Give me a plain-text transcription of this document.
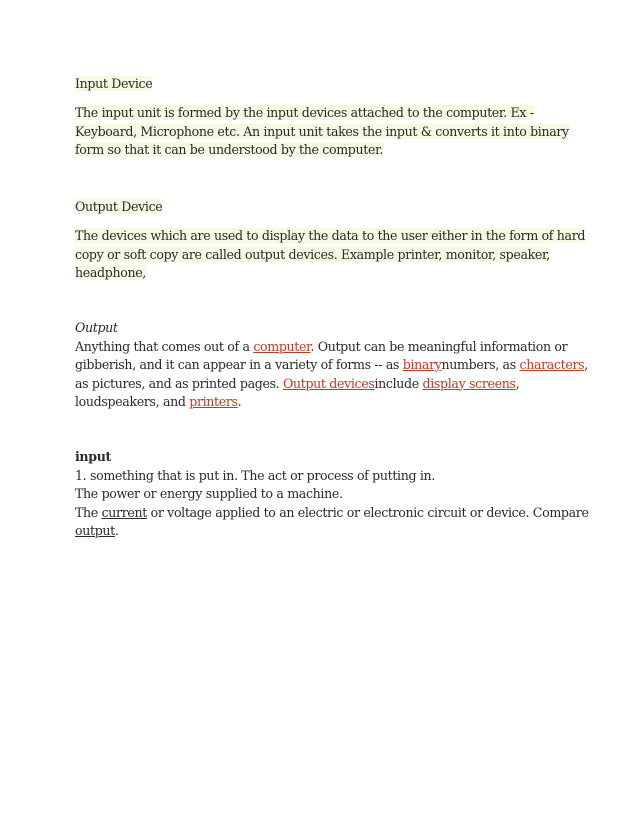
Input Device
The input unit is formed by the input devices attached to the computer. Ex -
Keyboard, Microphone etc. An input unit takes the input & converts it into binary
form so that it can be understood by the computer.
Output Device
The devices which are used to display the data to the user either in the form of hard
copy or soft copy are called output devices. Example printer, monitor, speaker,
headphone,
Output
Anything that comes out of a computer. Output can be meaningful information or
gibberish, and it can appear in a variety of forms -- as binarynumbers, as characters,
as pictures, and as printed pages. Output devicesinclude display screens,
loudspeakers, and printers.
input
1. something that is put in. The act or process of putting in.
The power or energy supplied to a machine.
The current or voltage applied to an electric or electronic circuit or device. Compare
output.
